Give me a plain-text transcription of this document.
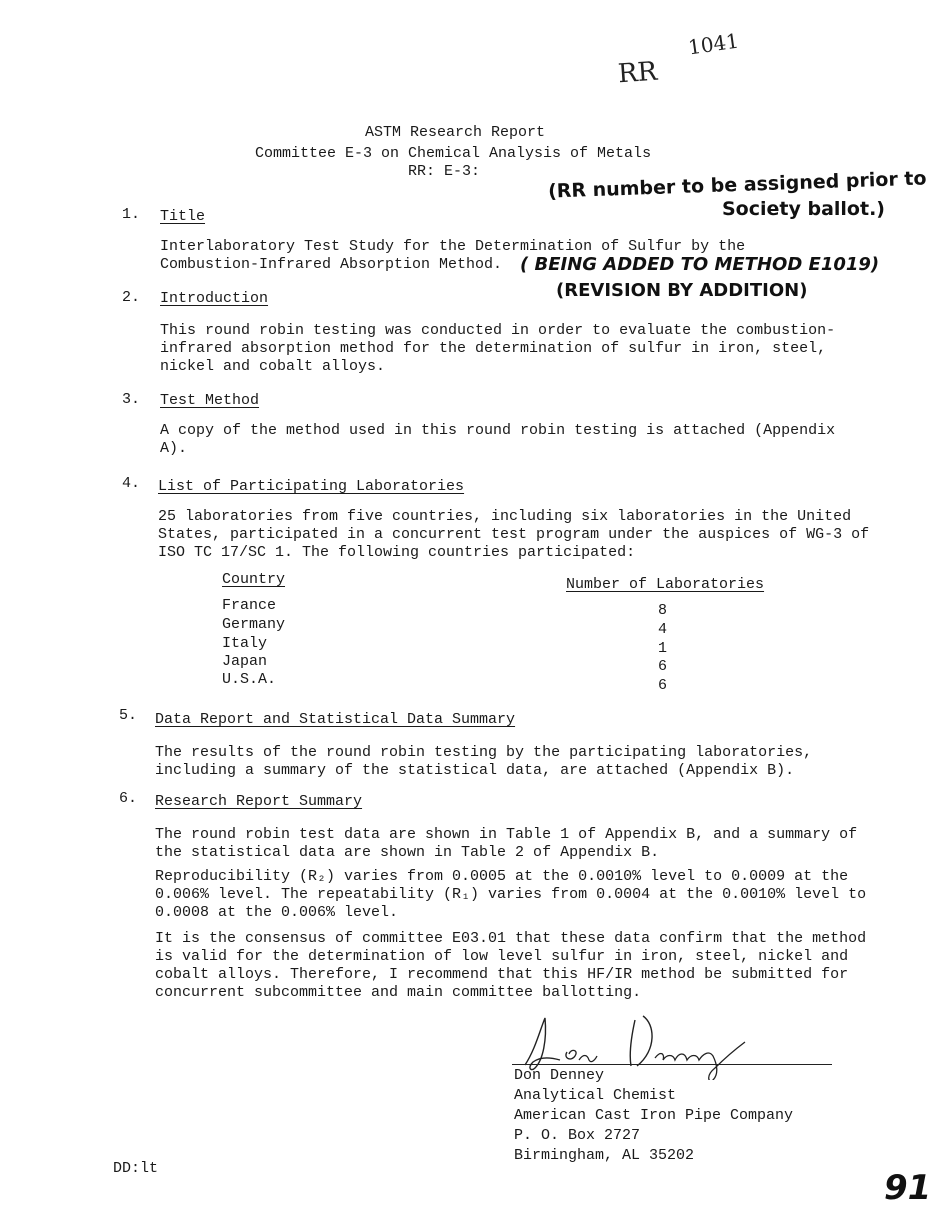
RR
1041
ASTM Research Report
Committee E-3 on Chemical Analysis of Metals
RR: E-3:	(RR number to be assigned prior to
Society ballot.)
1. Title
Interlaboratory Test Study for the Determination of Sulfur by the Combustion-Infrared Absorption Method. ( BEING ADDED TO METHOD E1019)
(REVISION BY ADDITION)
2. Introduction
This round robin testing was conducted in order to evaluate the combustion-infrared absorption method for the determination of sulfur in iron, steel, nickel and cobalt alloys.
3. Test Method
A copy of the method used in this round robin testing is attached (Appendix A).
4. List of Participating Laboratories
25 laboratories from five countries, including six laboratories in the United States, participated in a concurrent test program under the auspices of WG-3 of ISO TC 17/SC 1. The following countries participated:
Country	Number of Laboratories
France	8
Germany	4
Italy	1
Japan	6
U.S.A.	6
5. Data Report and Statistical Data Summary
The results of the round robin testing by the participating laboratories, including a summary of the statistical data, are attached (Appendix B).
6. Research Report Summary
The round robin test data are shown in Table 1 of Appendix B, and a summary of the statistical data are shown in Table 2 of Appendix B.
Reproducibility (R₂) varies from 0.0005 at the 0.0010% level to 0.0009 at the 0.006% level. The repeatability (R₁) varies from 0.0004 at the 0.0010% level to 0.0008 at the 0.006% level.
It is the consensus of committee E03.01 that these data confirm that the method is valid for the determination of low level sulfur in iron, steel, nickel and cobalt alloys. Therefore, I recommend that this HF/IR method be submitted for concurrent subcommittee and main committee ballotting.
Don Denney
Analytical Chemist
American Cast Iron Pipe Company
P. O. Box 2727
Birmingham, AL 35202
DD:lt	91
